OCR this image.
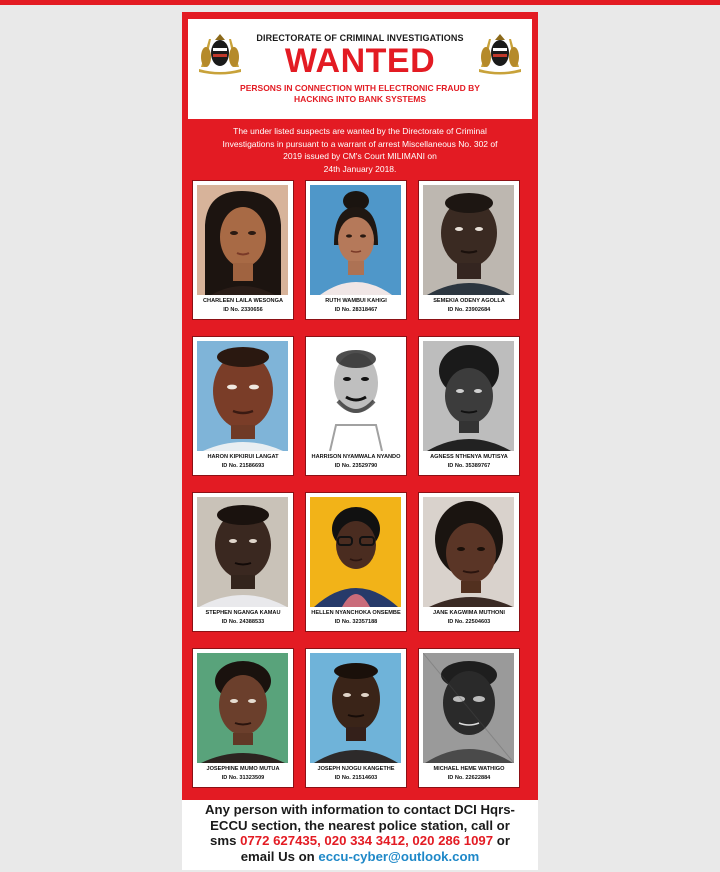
DIRECTORATE OF CRIMINAL INVESTIGATIONS
WANTED
PERSONS IN CONNECTION WITH ELECTRONIC FRAUD BY
HACKING INTO BANK SYSTEMS
The under listed suspects are wanted by the Directorate of Criminal
Investigations in pursuant to a warrant of arrest Miscellaneous No. 302 of
2019 issued by CM's Court MILIMANI on
24th January 2018.
CHARLEEN LAILA WESONGA
ID No. 2330656
RUTH WAMBUI KAHIGI
ID No. 28318467
SEMEKIA ODENY AGOLLA
ID No. 23902684
HARON KIPKIRUI LANGAT
ID No. 21586693
HARRISON NYAMWALA NYANDO
ID No. 23529790
AGNESS NTHENYA MUTISYA
ID No. 35389767
STEPHEN NGANGA KAMAU
ID No. 24388533
HELLEN NYANCHOKA ONSEMBE
ID No. 32357188
JANE KAGWIMA MUTHONI
ID No. 22504603
JOSEPHINE MUMO MUTUA
ID No. 31323509
JOSEPH NJOGU KANGETHE
ID No. 21514603
MICHAEL HEME WATHIGO
ID No. 22622884
Any person with information to contact DCI Hqrs-
ECCU section, the nearest police station, call or
sms 0772 627435, 020 334 3412, 020 286 1097 or
email Us on eccu-cyber@outlook.com
